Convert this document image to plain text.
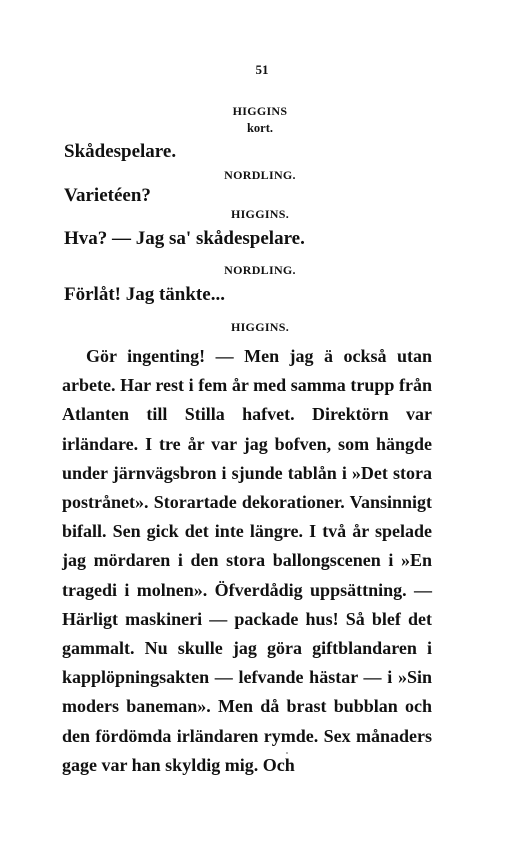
51
HIGGINS
kort.
Skådespelare.
NORDLING.
Varietéen?
HIGGINS.
Hva? — Jag sa' skådespelare.
NORDLING.
Förlåt! Jag tänkte...
HIGGINS.
Gör ingenting! — Men jag ä också utan arbete. Har rest i fem år med samma trupp från Atlanten till Stilla hafvet. Direktörn var irländare. I tre år var jag bofven, som hängde under järnvägsbron i sjunde tablån i »Det stora postrånet». Storartade dekorationer. Vansinnigt bifall. Sen gick det inte längre. I två år spelade jag mördaren i den stora ballongscenen i »En tragedi i molnen». Öfverdådig uppsättning. — Härligt maskineri — packade hus! Så blef det gammalt. Nu skulle jag göra giftblandaren i kapplöpningsakten — lefvande hästar — i »Sin moders baneman». Men då brast bubblan och den fördömda irländaren rymde. Sex månaders gage var han skyldig mig. Och
